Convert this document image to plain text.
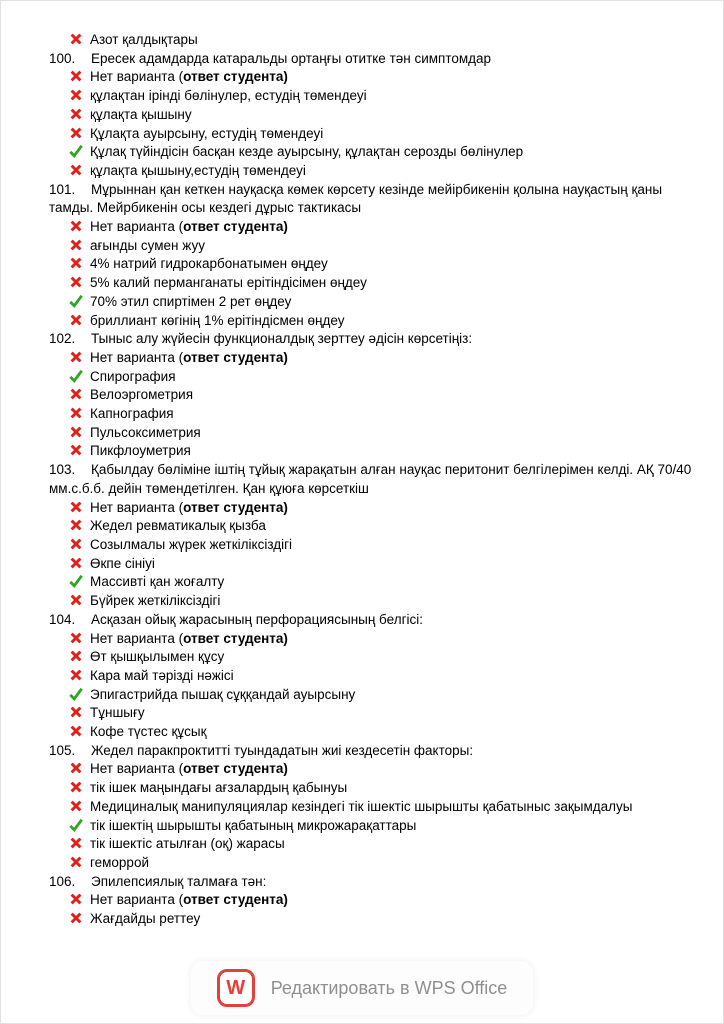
Азот қалдықтары

100. Ересек адамдарда катаральды ортаңғы отитке тән симптомдар

Нет варианта (ответ студента)

құлақтан ірінді бөлінулер, естудің төмендеуі

құлақта қышыну

Құлақта ауырсыну, естудің төмендеуі

Құлақ түйіндісін басқан кезде ауырсыну, құлақтан серозды бөлінулер

құлақта қышыну,естудің төмендеуі

101. Мұрыннан қан кеткен науқасқа көмек көрсету кезінде мейірбикенін қолына науқастың қаны тамды. Мейрбикенін осы кездегі дұрыс тактикасы

Нет варианта (ответ студента)

ағынды сумен жуу

4% натрий гидрокарбонатымен өңдеу

5% калий перманганаты ерітіндісімен өңдеу

70% этил спиртімен 2 рет өңдеу

бриллиант көгінің 1% ерітіндісмен өңдеу

102. Тыныс алу жүйесін функционалдық зерттеу әдісін көрсетіңіз:

Нет варианта (ответ студента)

Спирография

Велоэргометрия

Капнография

Пульсоксиметрия

Пикфлоуметрия

103. Қабылдау бөліміне іштің тұйық жарақатын алған науқас перитонит белгілерімен келді. АҚ 70/40 мм.с.б.б. дейін төмендетілген. Қан құюға көрсеткіш

Нет варианта (ответ студента)

Жедел ревматикалық қызба

Созылмалы жүрек жеткіліксіздігі

Өкпе сініуі

Массивті қан жоғалту

Бүйрек жеткіліксіздігі

104. Асқазан ойық жарасының перфорациясының белгісі:

Нет варианта (ответ студента)

Өт қышқылымен құсу

Кара май тәрізді нәжісі

Эпигастрийда пышақ сұққандай ауырсыну

Тұншығу

Кофе түстес құсық

105. Жедел паракпроктитті туындадатын жиі кездесетін факторы:

Нет варианта (ответ студента)

тік ішек маңындағы ағзалардың қабынуы

Медициналық манипуляциялар кезіндегі тік ішектіс шырышты қабатыныс зақымдалуы

тік ішектің шырышты қабатының микрожарақаттары

тік ішектіс атылған (оқ) жарасы

геморрой

106. Эпилепсиялық талмаға тән:

Нет варианта (ответ студента)

Жағдайды реттеу

W	Редактировать в WPS Office
